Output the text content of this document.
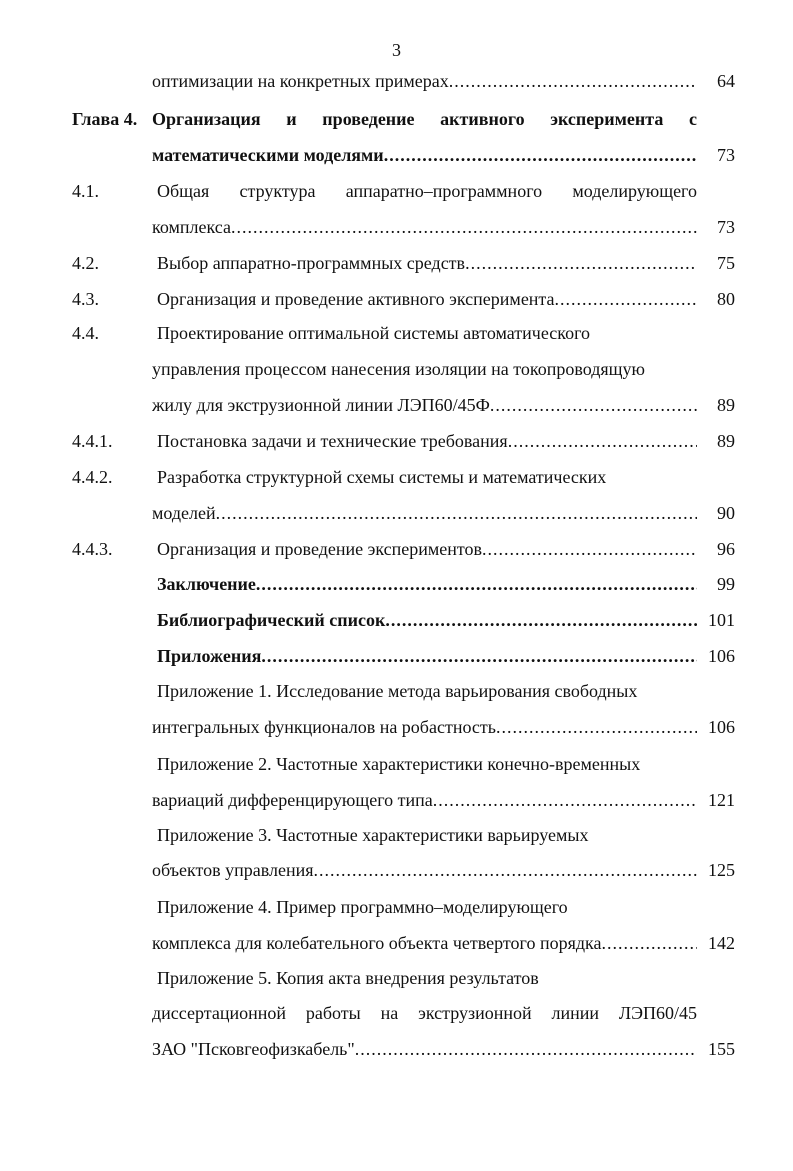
3
оптимизации на конкретных примерах .....	64
Глава 4. Организация и проведение активного эксперимента с
математическими моделями .....	73
4.1.	Общая структура аппаратно–программного моделирующего
комплекса .....	73
4.2.	Выбор аппаратно-программных средств .....	75
4.3.	Организация и проведение активного эксперимента .....	80
4.4.	Проектирование оптимальной системы автоматического
управления процессом нанесения изоляции на токопроводящую
жилу для экструзионной линии ЛЭП60/45Ф .....	89
4.4.1. Постановка задачи и технические требования .....	89
4.4.2. Разработка структурной схемы системы и математических
моделей .....	90
4.4.3. Организация и проведение экспериментов .....	96
Заключение .....	99
Библиографический список .....	101
Приложения .....	106
Приложение 1. Исследование метода варьирования свободных
интегральных функционалов на робастность .....	106
Приложение 2. Частотные характеристики конечно-временных
вариаций дифференцирующего типа .....	121
Приложение 3. Частотные характеристики варьируемых
объектов управления .....	125
Приложение 4. Пример программно–моделирующего
комплекса для колебательного объекта четвертого порядка .....	142
Приложение 5. Копия акта внедрения результатов
диссертационной работы на экструзионной линии ЛЭП60/45
ЗАО "Псковгеофизкабель" .....	155
